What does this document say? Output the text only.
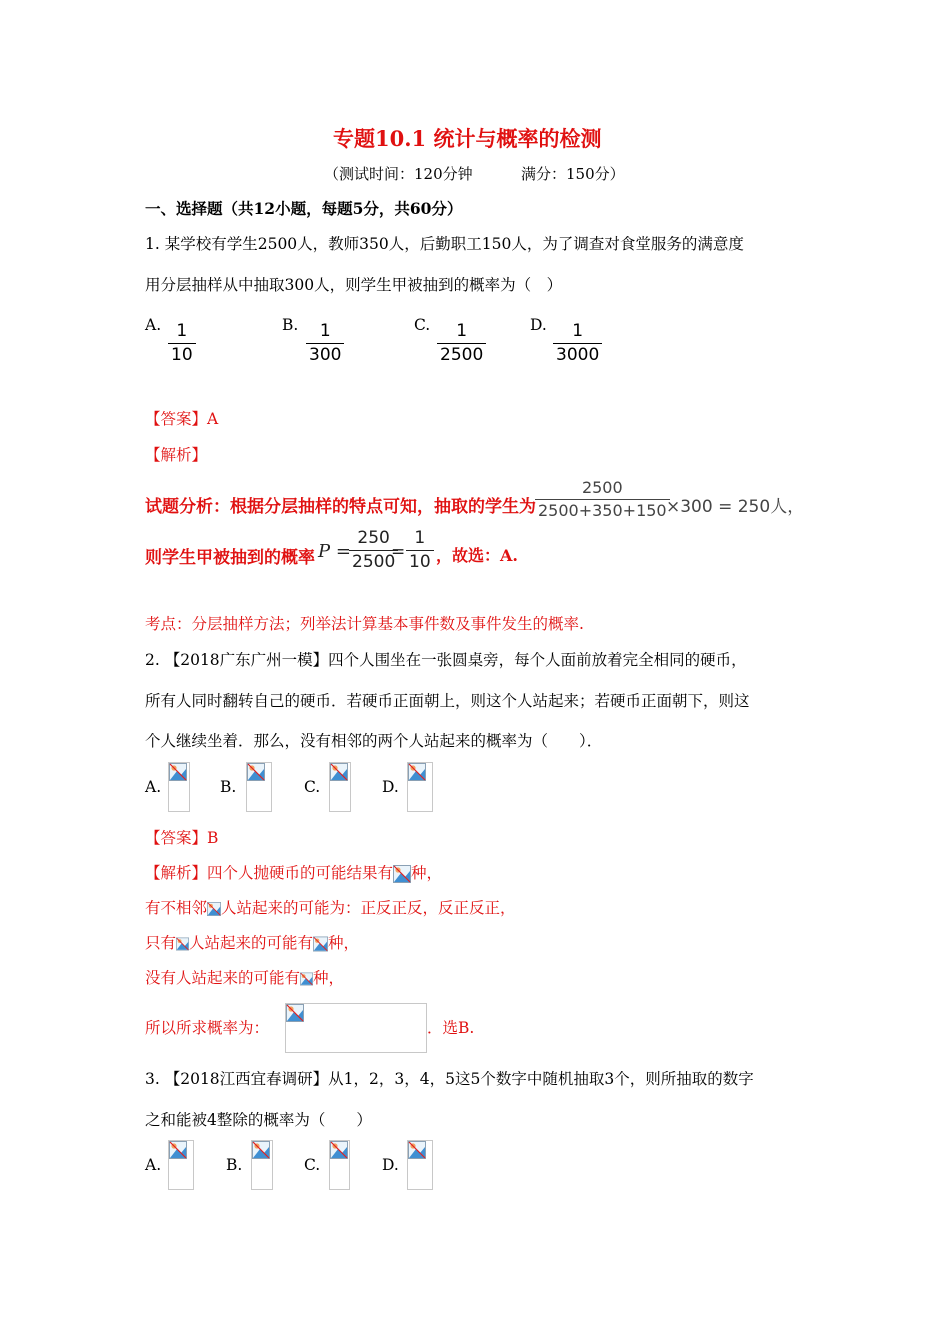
专题10.1 统计与概率的检测
（测试时间：120分钟	满分：150分）
一、选择题（共12小题，每题5分，共60分）
1. 某学校有学生2500人，教师350人，后勤职工150人，为了调查对食堂服务的满意度
用分层抽样从中抽取300人，则学生甲被抽到的概率为（　）
A. 1
10
B. 1
300
C. 1
2500
D. 1
3000
【答案】A
【解析】
试题分析：根据分层抽样的特点可知，抽取的学生为
2500
2500+350+150 ×300 = 250人，
则学生甲被抽到的概率 P =
250
2500
=
1
10 ，故选：A.
考点：分层抽样方法；列举法计算基本事件数及事件发生的概率.
2. 【2018广东广州一模】四个人围坐在一张圆桌旁，每个人面前放着完全相同的硬币，
所有人同时翻转自己的硬币．若硬币正面朝上，则这个人站起来；若硬币正面朝下，则这
个人继续坐着．那么，没有相邻的两个人站起来的概率为（　　）．
A.	B.	C.	D.
【答案】B
【解析】四个人抛硬币的可能结果有 种，
有不相邻 人站起来的可能为：正反正反，反正反正，
只有 人站起来的可能有 种，
没有人站起来的可能有 种，
所以所求概率为：	．选B.
3. 【2018江西宜春调研】从1，2，3，4，5这5个数字中随机抽取3个，则所抽取的数字
之和能被4整除的概率为（　　）
A.	B.	C.	D.
